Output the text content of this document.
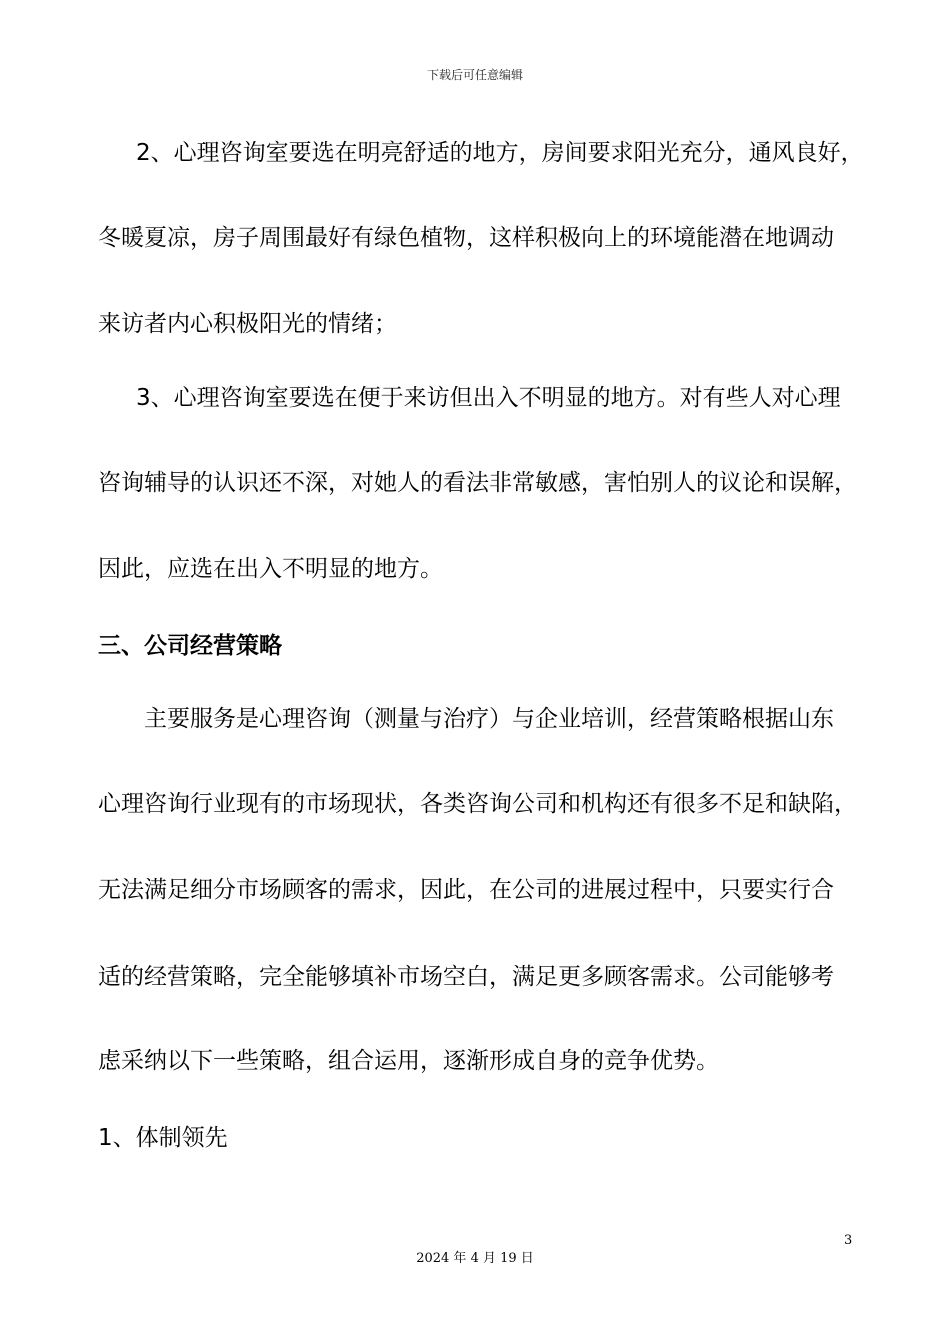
下载后可任意编辑
2、心理咨询室要选在明亮舒适的地方，房间要求阳光充分，通风良好，
冬暖夏凉，房子周围最好有绿色植物，这样积极向上的环境能潜在地调动
来访者内心积极阳光的情绪；
3、心理咨询室要选在便于来访但出入不明显的地方。对有些人对心理
咨询辅导的认识还不深，对她人的看法非常敏感，害怕别人的议论和误解，
因此，应选在出入不明显的地方。
三、公司经营策略
主要服务是心理咨询（测量与治疗）与企业培训，经营策略根据山东
心理咨询行业现有的市场现状，各类咨询公司和机构还有很多不足和缺陷，
无法满足细分市场顾客的需求，因此，在公司的进展过程中，只要实行合
适的经营策略，完全能够填补市场空白，满足更多顾客需求。公司能够考
虑采纳以下一些策略，组合运用，逐渐形成自身的竞争优势。
1、体制领先
3
2024 年 4 月 19 日
